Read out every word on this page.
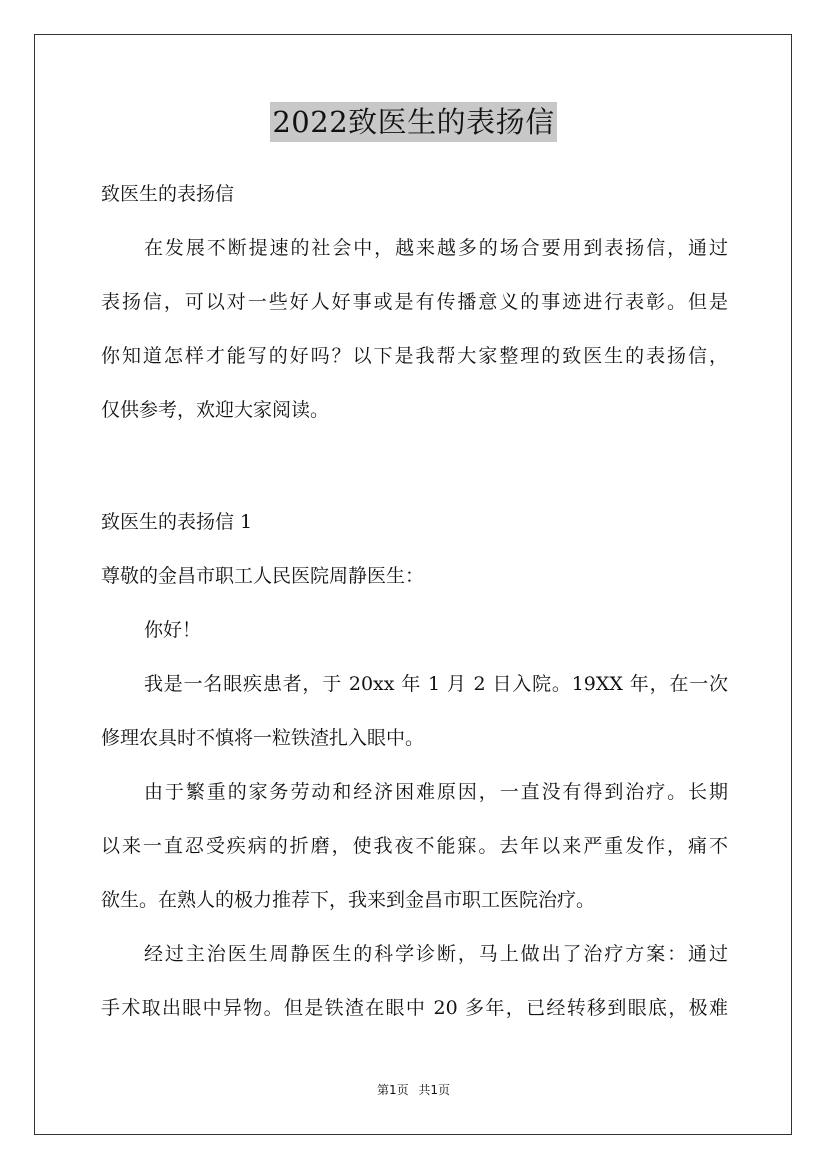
2022致医生的表扬信
致医生的表扬信
在发展不断提速的社会中，越来越多的场合要用到表扬信，通过
表扬信，可以对一些好人好事或是有传播意义的事迹进行表彰。但是
你知道怎样才能写的好吗？以下是我帮大家整理的致医生的表扬信，
仅供参考，欢迎大家阅读。
致医生的表扬信 1
尊敬的金昌市职工人民医院周静医生：
你好！
我是一名眼疾患者，于 20xx 年 1 月 2 日入院。19XX 年，在一次
修理农具时不慎将一粒铁渣扎入眼中。
由于繁重的家务劳动和经济困难原因，一直没有得到治疗。长期
以来一直忍受疾病的折磨，使我夜不能寐。去年以来严重发作，痛不
欲生。在熟人的极力推荐下，我来到金昌市职工医院治疗。
经过主治医生周静医生的科学诊断，马上做出了治疗方案：通过
手术取出眼中异物。但是铁渣在眼中 20 多年，已经转移到眼底，极难
第1页 共1页
